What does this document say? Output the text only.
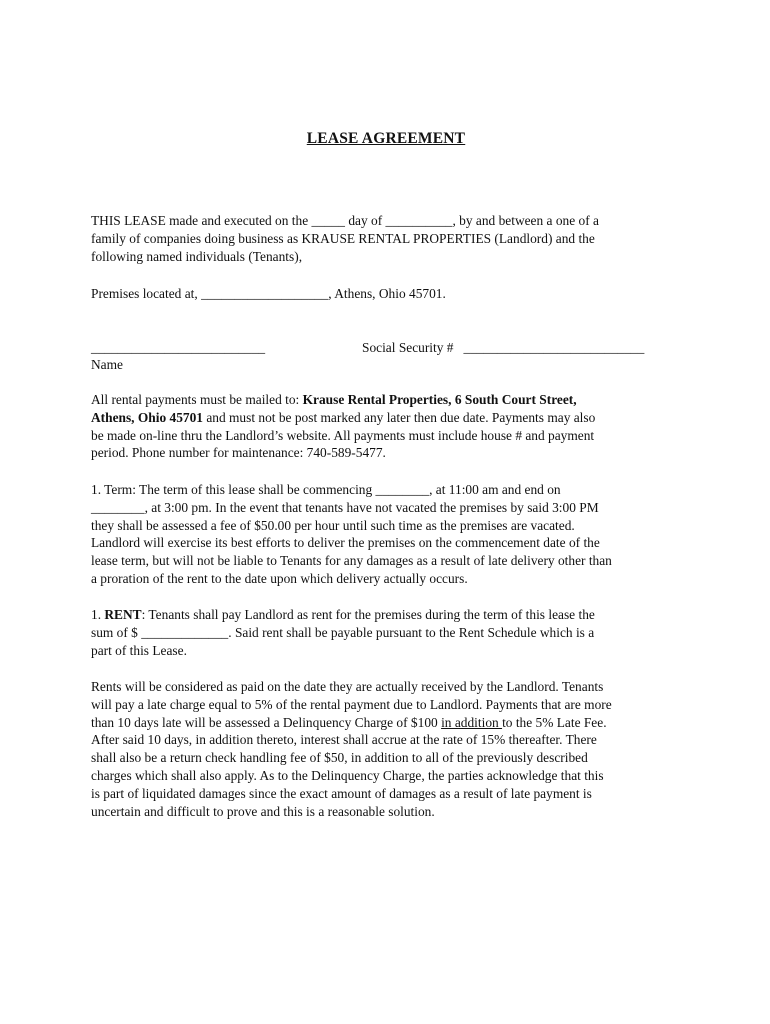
LEASE AGREEMENT

THIS LEASE made and executed on the _____ day of __________, by and between a one of a
family of companies doing business as KRAUSE RENTAL PROPERTIES (Landlord) and the
following named individuals (Tenants),

Premises located at, ___________________, Athens, Ohio 45701.

__________________________	Social Security # ___________________________
Name

All rental payments must be mailed to: Krause Rental Properties, 6 South Court Street,
Athens, Ohio 45701 and must not be post marked any later then due date. Payments may also
be made on-line thru the Landlord’s website. All payments must include house # and payment
period. Phone number for maintenance: 740-589-5477.

1. Term: The term of this lease shall be commencing ________, at 11:00 am and end on
________, at 3:00 pm. In the event that tenants have not vacated the premises by said 3:00 PM
they shall be assessed a fee of $50.00 per hour until such time as the premises are vacated.
Landlord will exercise its best efforts to deliver the premises on the commencement date of the
lease term, but will not be liable to Tenants for any damages as a result of late delivery other than
a proration of the rent to the date upon which delivery actually occurs.

1. RENT: Tenants shall pay Landlord as rent for the premises during the term of this lease the
sum of $ _____________. Said rent shall be payable pursuant to the Rent Schedule which is a
part of this Lease.

Rents will be considered as paid on the date they are actually received by the Landlord. Tenants
will pay a late charge equal to 5% of the rental payment due to Landlord. Payments that are more
than 10 days late will be assessed a Delinquency Charge of $100 in addition to the 5% Late Fee.
After said 10 days, in addition thereto, interest shall accrue at the rate of 15% thereafter. There
shall also be a return check handling fee of $50, in addition to all of the previously described
charges which shall also apply. As to the Delinquency Charge, the parties acknowledge that this
is part of liquidated damages since the exact amount of damages as a result of late payment is
uncertain and difficult to prove and this is a reasonable solution.
